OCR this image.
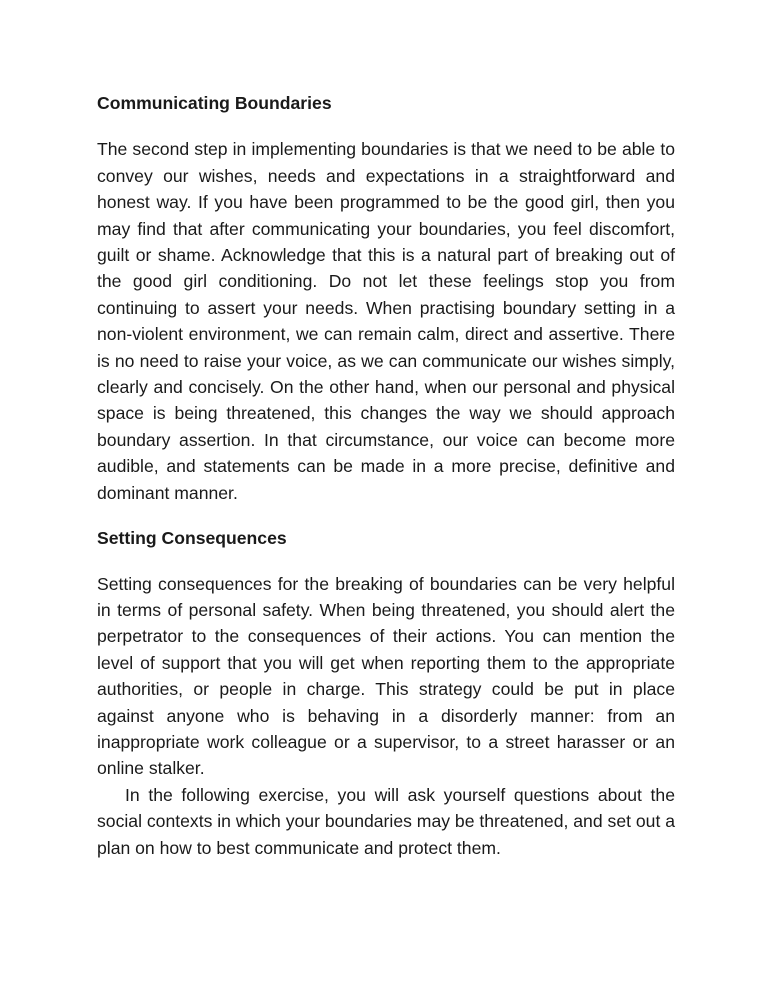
Communicating Boundaries

The second step in implementing boundaries is that we need to be able to convey our wishes, needs and expectations in a straightforward and honest way. If you have been programmed to be the good girl, then you may find that after communicating your boundaries, you feel discomfort, guilt or shame. Acknowledge that this is a natural part of breaking out of the good girl conditioning. Do not let these feelings stop you from continuing to assert your needs. When practising boundary setting in a non-violent environment, we can remain calm, direct and assertive. There is no need to raise your voice, as we can communicate our wishes simply, clearly and concisely. On the other hand, when our personal and physical space is being threatened, this changes the way we should approach boundary assertion. In that circumstance, our voice can become more audible, and statements can be made in a more precise, definitive and dominant manner.

Setting Consequences

Setting consequences for the breaking of boundaries can be very helpful in terms of personal safety. When being threatened, you should alert the perpetrator to the consequences of their actions. You can mention the level of support that you will get when reporting them to the appropriate authorities, or people in charge. This strategy could be put in place against anyone who is behaving in a disorderly manner: from an inappropriate work colleague or a supervisor, to a street harasser or an online stalker.

In the following exercise, you will ask yourself questions about the social contexts in which your boundaries may be threatened, and set out a plan on how to best communicate and protect them.
